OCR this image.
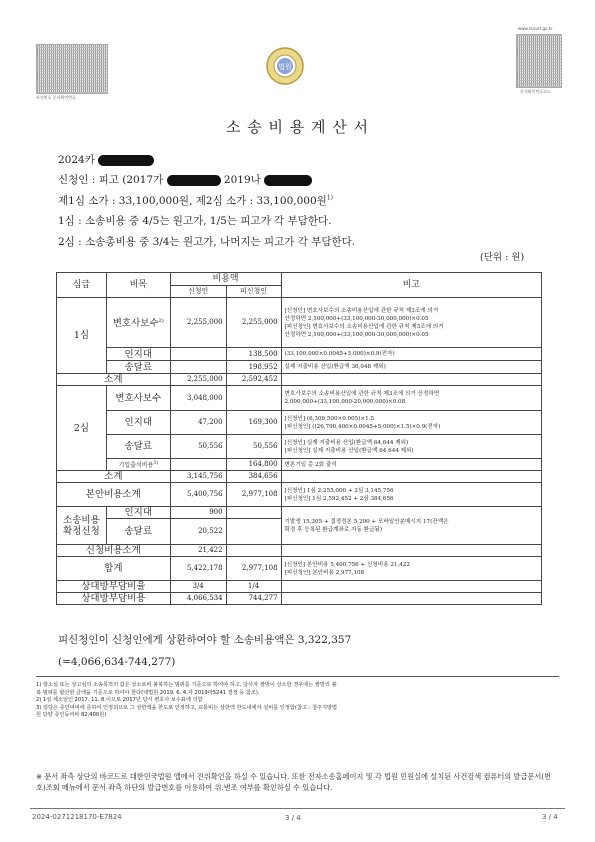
사건번호 문서확인번호
법원
www.scourt.go.kr
문서확인번호코드
소 송 비 용 계 산 서
2024카
신청인 : 피고 (2017가	2019나
제1심 소가 : 33,100,000원, 제2심 소가 : 33,100,000원$^{1)}$
1심 : 소송비용 중 4/5는 원고가, 1/5는 피고가 각 부담한다.
2심 : 소송총비용 중 3/4는 원고가, 나머지는 피고가 각 부담한다.
(단위 : 원)
심급	비목	비용액		비고
		신청인	피신청인	
1심	변호사보수$^{2)}$	2,255,000	2,255,000	[신청인] 변호사보수의 소송비용산입에 관한 규칙 제3조에 의거
산정하면 2,100,000+(33,100,000-30,000,000)×0.05
[피신청인] 변호사보수의 소송비용산입에 관한 규칙 제3조에 의거
산정하면 2,100,000+(33,100,000-30,000,000)×0.05
	인지대		138,500	(33,100,000×0.0045+5,000)×0.9(전자)
	송달료		198,952	실제 지출비용 산입(환급액 36,048 제외)
소계		2,255,000	2,592,452	
2심	변호사보수	3,048,000		변호사보수의 소송비용산입에 관한 규칙 제3조에 의거 산정하면
2,000,000+(33,100,000-20,000,000)×0.08
	인지대	47,200	169,300	[신청인] (6,309,500×0.005)×1.5
[피신청인] ((26,790,400×0.0045+5,000)×1.5)×0.9(전자)
	송달료	50,556	50,556	[신청인] 실제 지출비용 산입(환급액 64,644 제외)
[피신청인] 실제 지출비용 산입(환급액 64,644 제외)
	기일출석비용$^{3)}$		164,800	변론기일 총 2회 출석
소계		3,145,756	384,656	
본안비용소계		5,400,756	2,977,108	[신청인] 1심 2,255,000 + 2심 3,145,756
[피신청인] 1심 2,592,452 + 2심 384,656
소송비용
확정신청	인지대	900		기발생 15,305 + 결정정본 5,200 + 모바일안분메시지 17(잔액은
확정 후 등록된 환급계좌로 자동 환급됨)
	송달료	20,522		
신청비용소계		21,422		
합계		5,422,178	2,977,108	[신청인] 본안비용 5,400,756 + 신청비용 21,422
[피신청인] 본안비용 2,977,108
상대방부담비율		3/4	1/4	
상대방부담비용		4,066,534	744,277	
피신청인이 신청인에게 상환하여야 할 소송비용액은 3,322,357
(=4,066,634-744,277)
1) 항소심 또는 상고심의 소송목적의 값은 상소로써 불복하는 범위를 기준으로 하여야 하고, 당사자 쌍방이 상소한 경우에는 쌍방의 불
복 범위를 합산한 금액을 기준으로 하여야 한다(대법원 2019. 6. 4.자 2019마5241 결정 등 참조).
2) 1심 제소일인 2017. 11. 8.이므로 2017년 당시 변호사 보수표에 의함
3) 일당은 증인여비에 준하여 인정되므로 그 상한액을 한도로 인정하고, 교통비는 상한액 한도내에서 실비를 인정함(참고 : 청주지방법
원 당양 증인등여비 82,400원)
※ 문서 좌측 상단의 바코드로 대한민국법원 앱에서 진위확인을 하실 수 있습니다. 또한 전자소송홈페이지 및 각 법원 민원실에 설치된 사건검색 컴퓨터의 발급문서(번호)조회 메뉴에서 문서 좌측 하단의 발급번호를 이용하여 위.변조 여부를 확인하실 수 있습니다.
2024-0271218170-E7824	3 / 4	3 / 4
